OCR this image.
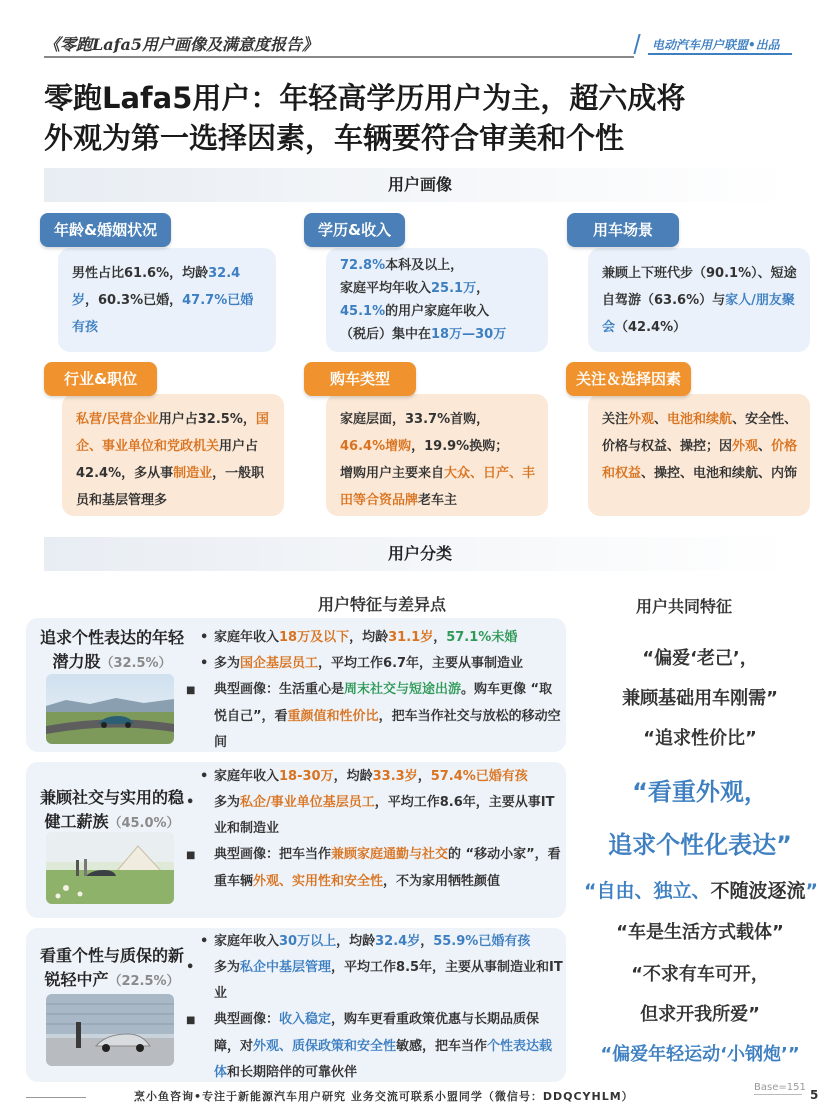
《零跑Lafa5用户画像及满意度报告》	电动汽车用户联盟•出品
零跑Lafa5用户：年轻高学历用户为主，超六成将
外观为第一选择因素，车辆要符合审美和个性
用户画像
年龄&婚姻状况
男性占比61.6%，均龄32.4岁，60.3%已婚，47.7%已婚有孩
学历&收入
72.8%本科及以上，
家庭平均年收入25.1万，
45.1%的用户家庭年收入
（税后）集中在18万—30万
用车场景
兼顾上下班代步（90.1%）、短途自驾游（63.6%）与家人/朋友聚会（42.4%）
行业&职位
私营/民营企业用户占32.5%，国企、事业单位和党政机关用户占42.4%，多从事制造业，一般职员和基层管理多
购车类型
家庭层面，33.7%首购，
46.4%增购，19.9%换购；
增购用户主要来自大众、日产、丰田等合资品牌老车主
关注＆选择因素
关注外观、电池和续航、安全性、价格与权益、操控；因外观、价格和权益、操控、电池和续航、内饰
用户分类
用户特征与差异点	用户共同特征
追求个性表达的年轻
潜力股（32.5%）
• 家庭年收入18万及以下，均龄31.1岁，57.1%未婚
• 多为国企基层员工，平均工作6.7年，主要从事制造业
■ 典型画像：生活重心是周末社交与短途出游。购车更像 “取悦自己”，看重颜值和性价比，把车当作社交与放松的移动空间
兼顾社交与实用的稳
健工薪族（45.0%）
• 家庭年收入18-30万，均龄33.3岁，57.4%已婚有孩
• 多为私企/事业单位基层员工，平均工作8.6年，主要从事IT业和制造业
■ 典型画像：把车当作兼顾家庭通勤与社交的 “移动小家”，看重车辆外观、实用性和安全性，不为家用牺牲颜值
看重个性与质保的新
锐轻中产（22.5%）
• 家庭年收入30万以上，均龄32.4岁，55.9%已婚有孩
• 多为私企中基层管理，平均工作8.5年，主要从事制造业和IT业
■ 典型画像：收入稳定，购车更看重政策优惠与长期品质保障，对外观、质保政策和安全性敏感，把车当作个性表达载体和长期陪伴的可靠伙伴
“偏爱‘老己’，
兼顾基础用车刚需”
“追求性价比”
“看重外观，
追求个性化表达”
“自由、独立、不随波逐流”
“车是生活方式载体”
“不求有车可开，
但求开我所爱”
“偏爱年轻运动‘小钢炮’”
烹小鱼咨询•专注于新能源汽车用户研究 业务交流可联系小盟同学（微信号：DDQCYHLM）
Base=151
5
